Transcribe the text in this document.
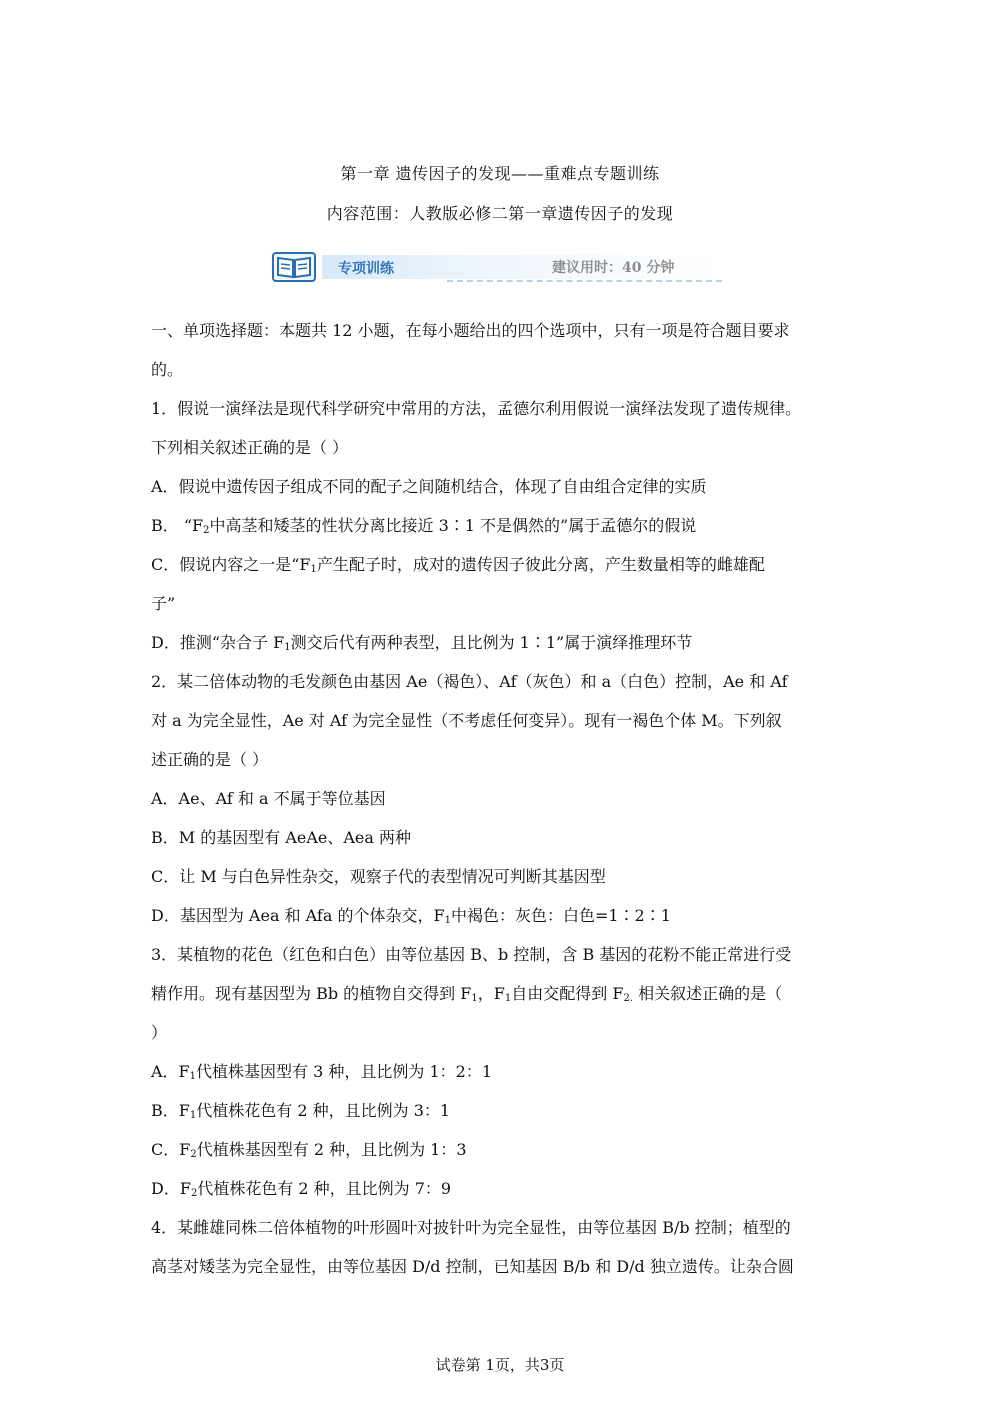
第一章 遗传因子的发现——重难点专题训练
内容范围：人教版必修二第一章遗传因子的发现
专项训练	建议用时：40 分钟
一、单项选择题：本题共 12 小题，在每小题给出的四个选项中，只有一项是符合题目要求
的。
1．假说一演绎法是现代科学研究中常用的方法，孟德尔利用假说一演绎法发现了遗传规律。
下列相关叙述正确的是（ ）
A．假说中遗传因子组成不同的配子之间随机结合，体现了自由组合定律的实质
B． “$F_2$中高茎和矮茎的性状分离比接近 3∶1 不是偶然的”属于孟德尔的假说
C．假说内容之一是“$F_1$产生配子时，成对的遗传因子彼此分离，产生数量相等的雌雄配
子”
D．推测“杂合子 $F_1$测交后代有两种表型，且比例为 1∶1”属于演绎推理环节
2．某二倍体动物的毛发颜色由基因 Ae（褐色）、Af（灰色）和 a（白色）控制，Ae 和 Af
对 a 为完全显性，Ae 对 Af 为完全显性（不考虑任何变异）。现有一褐色个体 M。下列叙
述正确的是（ ）
A．Ae、Af 和 a 不属于等位基因
B．M 的基因型有 AeAe、Aea 两种
C．让 M 与白色异性杂交，观察子代的表型情况可判断其基因型
D．基因型为 Aea 和 Afa 的个体杂交，$F_1$中褐色：灰色：白色=1∶2∶1
3．某植物的花色（红色和白色）由等位基因 B、b 控制，含 B 基因的花粉不能正常进行受
精作用。现有基因型为 Bb 的植物自交得到 $F_1$，$F_1$自由交配得到 $F_{2.}$ 相关叙述正确的是（
）
A．$F_1$代植株基因型有 3 种，且比例为 1：2：1
B．$F_1$代植株花色有 2 种，且比例为 3：1
C．$F_2$代植株基因型有 2 种，且比例为 1：3
D．$F_2$代植株花色有 2 种，且比例为 7：9
4．某雌雄同株二倍体植物的叶形圆叶对披针叶为完全显性，由等位基因 B/b 控制；植型的
高茎对矮茎为完全显性，由等位基因 D/d 控制，已知基因 B/b 和 D/d 独立遗传。让杂合圆
试卷第 1页，共3页
